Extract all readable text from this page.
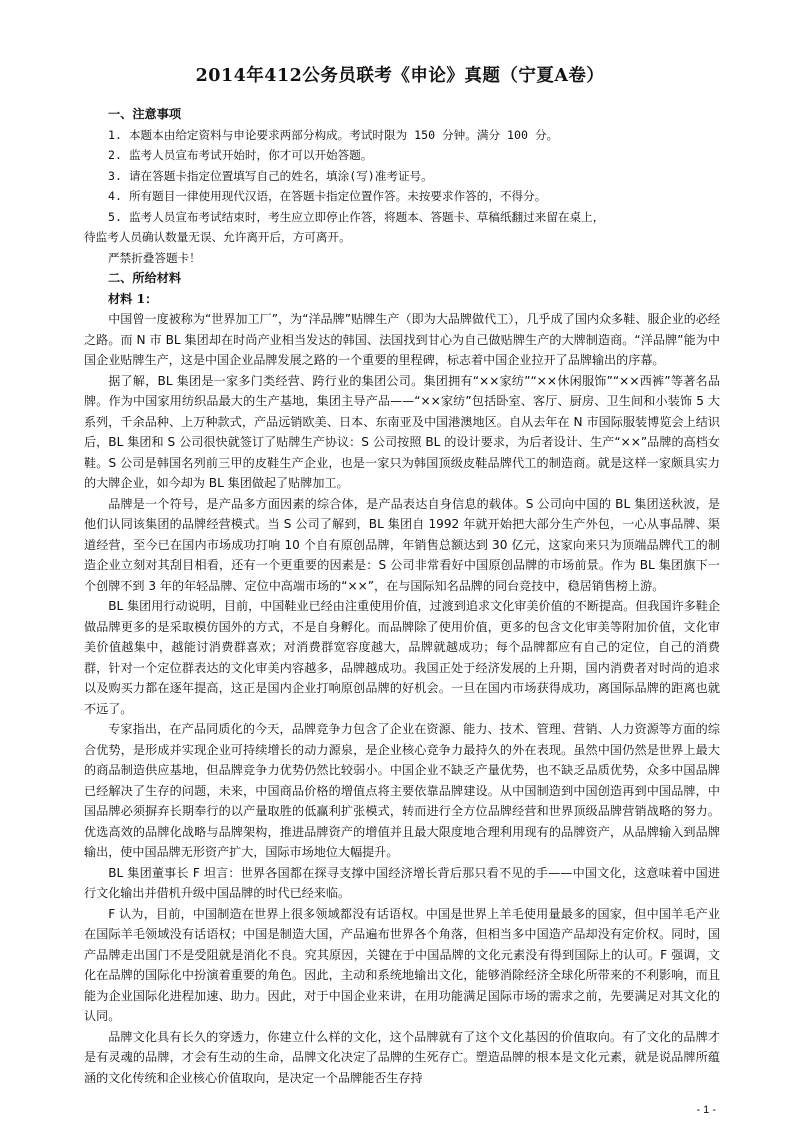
2014年412公务员联考《申论》真题（宁夏A卷）
一、注意事项
1. 本题本由给定资料与申论要求两部分构成。考试时限为 150 分钟。满分 100 分。
2. 监考人员宣布考试开始时，你才可以开始答题。
3. 请在答题卡指定位置填写自己的姓名，填涂(写)准考证号。
4. 所有题目一律使用现代汉语，在答题卡指定位置作答。未按要求作答的，不得分。
5. 监考人员宣布考试结束时，考生应立即停止作答，将题本、答题卡、草稿纸翻过来留在桌上，
待监考人员确认数量无误、允许离开后，方可离开。
严禁折叠答题卡！
二、所给材料
材料 1：

中国曾一度被称为“世界加工厂”，为“洋品牌”贴牌生产（即为大品牌做代工），几乎成了国内众多鞋、服企业的必经之路。而 N 市 BL 集团却在时尚产业相当发达的韩国、法国找到甘心为自己做贴牌生产的大牌制造商。“洋品牌”能为中国企业贴牌生产，这是中国企业品牌发展之路的一个重要的里程碑，标志着中国企业拉开了品牌输出的序幕。

据了解，BL 集团是一家多门类经营、跨行业的集团公司。集团拥有“××家纺”“××休闲服饰”“××西裤”等著名品牌。作为中国家用纺织品最大的生产基地，集团主导产品——“××家纺”包括卧室、客厅、厨房、卫生间和小装饰 5 大系列，千余品种、上万种款式，产品远销欧美、日本、东南亚及中国港澳地区。自从去年在 N 市国际服装博览会上结识后，BL 集团和 S 公司很快就签订了贴牌生产协议：S 公司按照 BL 的设计要求，为后者设计、生产“××”品牌的高档女鞋。S 公司是韩国名列前三甲的皮鞋生产企业，也是一家只为韩国顶级皮鞋品牌代工的制造商。就是这样一家颇具实力的大牌企业，如今却为 BL 集团做起了贴牌加工。

品牌是一个符号，是产品多方面因素的综合体，是产品表达自身信息的载体。S 公司向中国的 BL 集团送秋波，是他们认同该集团的品牌经营模式。当 S 公司了解到，BL 集团自 1992 年就开始把大部分生产外包，一心从事品牌、渠道经营，至今已在国内市场成功打响 10 个自有原创品牌，年销售总额达到 30 亿元，这家向来只为顶端品牌代工的制造企业立刻对其刮目相看，还有一个更重要的因素是：S 公司非常看好中国原创品牌的市场前景。作为 BL 集团旗下一个创牌不到 3 年的年轻品牌、定位中高端市场的“××”，在与国际知名品牌的同台竞技中，稳居销售榜上游。

BL 集团用行动说明，目前，中国鞋业已经由注重使用价值，过渡到追求文化审美价值的不断提高。但我国许多鞋企做品牌更多的是采取模仿国外的方式，不是自身孵化。而品牌除了使用价值，更多的包含文化审美等附加价值，文化审美价值越集中，越能讨消费群喜欢；对消费群宽容度越大，品牌就越成功；每个品牌都应有自己的定位，自己的消费群，针对一个定位群表达的文化审美内容越多，品牌越成功。我国正处于经济发展的上升期，国内消费者对时尚的追求以及购买力都在逐年提高，这正是国内企业打响原创品牌的好机会。一旦在国内市场获得成功，离国际品牌的距离也就不远了。

专家指出，在产品同质化的今天，品牌竞争力包含了企业在资源、能力、技术、管理、营销、人力资源等方面的综合优势，是形成并实现企业可持续增长的动力源泉，是企业核心竞争力最持久的外在表现。虽然中国仍然是世界上最大的商品制造供应基地，但品牌竞争力优势仍然比较弱小。中国企业不缺乏产量优势，也不缺乏品质优势，众多中国品牌已经解决了生存的问题，未来，中国商品价格的增值点将主要依靠品牌建设。从中国制造到中国创造再到中国品牌，中国品牌必须摒弃长期奉行的以产量取胜的低赢利扩张模式，转而进行全方位品牌经营和世界顶级品牌营销战略的努力。优选高效的品牌化战略与品牌架构，推进品牌资产的增值并且最大限度地合理利用现有的品牌资产，从品牌输入到品牌输出，使中国品牌无形资产扩大，国际市场地位大幅提升。

BL 集团董事长 F 坦言：世界各国都在探寻支撑中国经济增长背后那只看不见的手——中国文化，这意味着中国进行文化输出并借机升级中国品牌的时代已经来临。

F 认为，目前，中国制造在世界上很多领域都没有话语权。中国是世界上羊毛使用量最多的国家，但中国羊毛产业在国际羊毛领域没有话语权；中国是制造大国，产品遍布世界各个角落，但相当多中国造产品却没有定价权。同时，国产品牌走出国门不是受阻就是消化不良。究其原因，关键在于中国品牌的文化元素没有得到国际上的认可。F 强调，文化在品牌的国际化中扮演着重要的角色。因此，主动和系统地输出文化，能够消除经济全球化所带来的不利影响，而且能为企业国际化进程加速、助力。因此，对于中国企业来讲，在用功能满足国际市场的需求之前，先要满足对其文化的认同。

品牌文化具有长久的穿透力，你建立什么样的文化，这个品牌就有了这个文化基因的价值取向。有了文化的品牌才是有灵魂的品牌，才会有生动的生命，品牌文化决定了品牌的生死存亡。塑造品牌的根本是文化元素，就是说品牌所蕴涵的文化传统和企业核心价值取向，是决定一个品牌能否生存持

- 1 -
